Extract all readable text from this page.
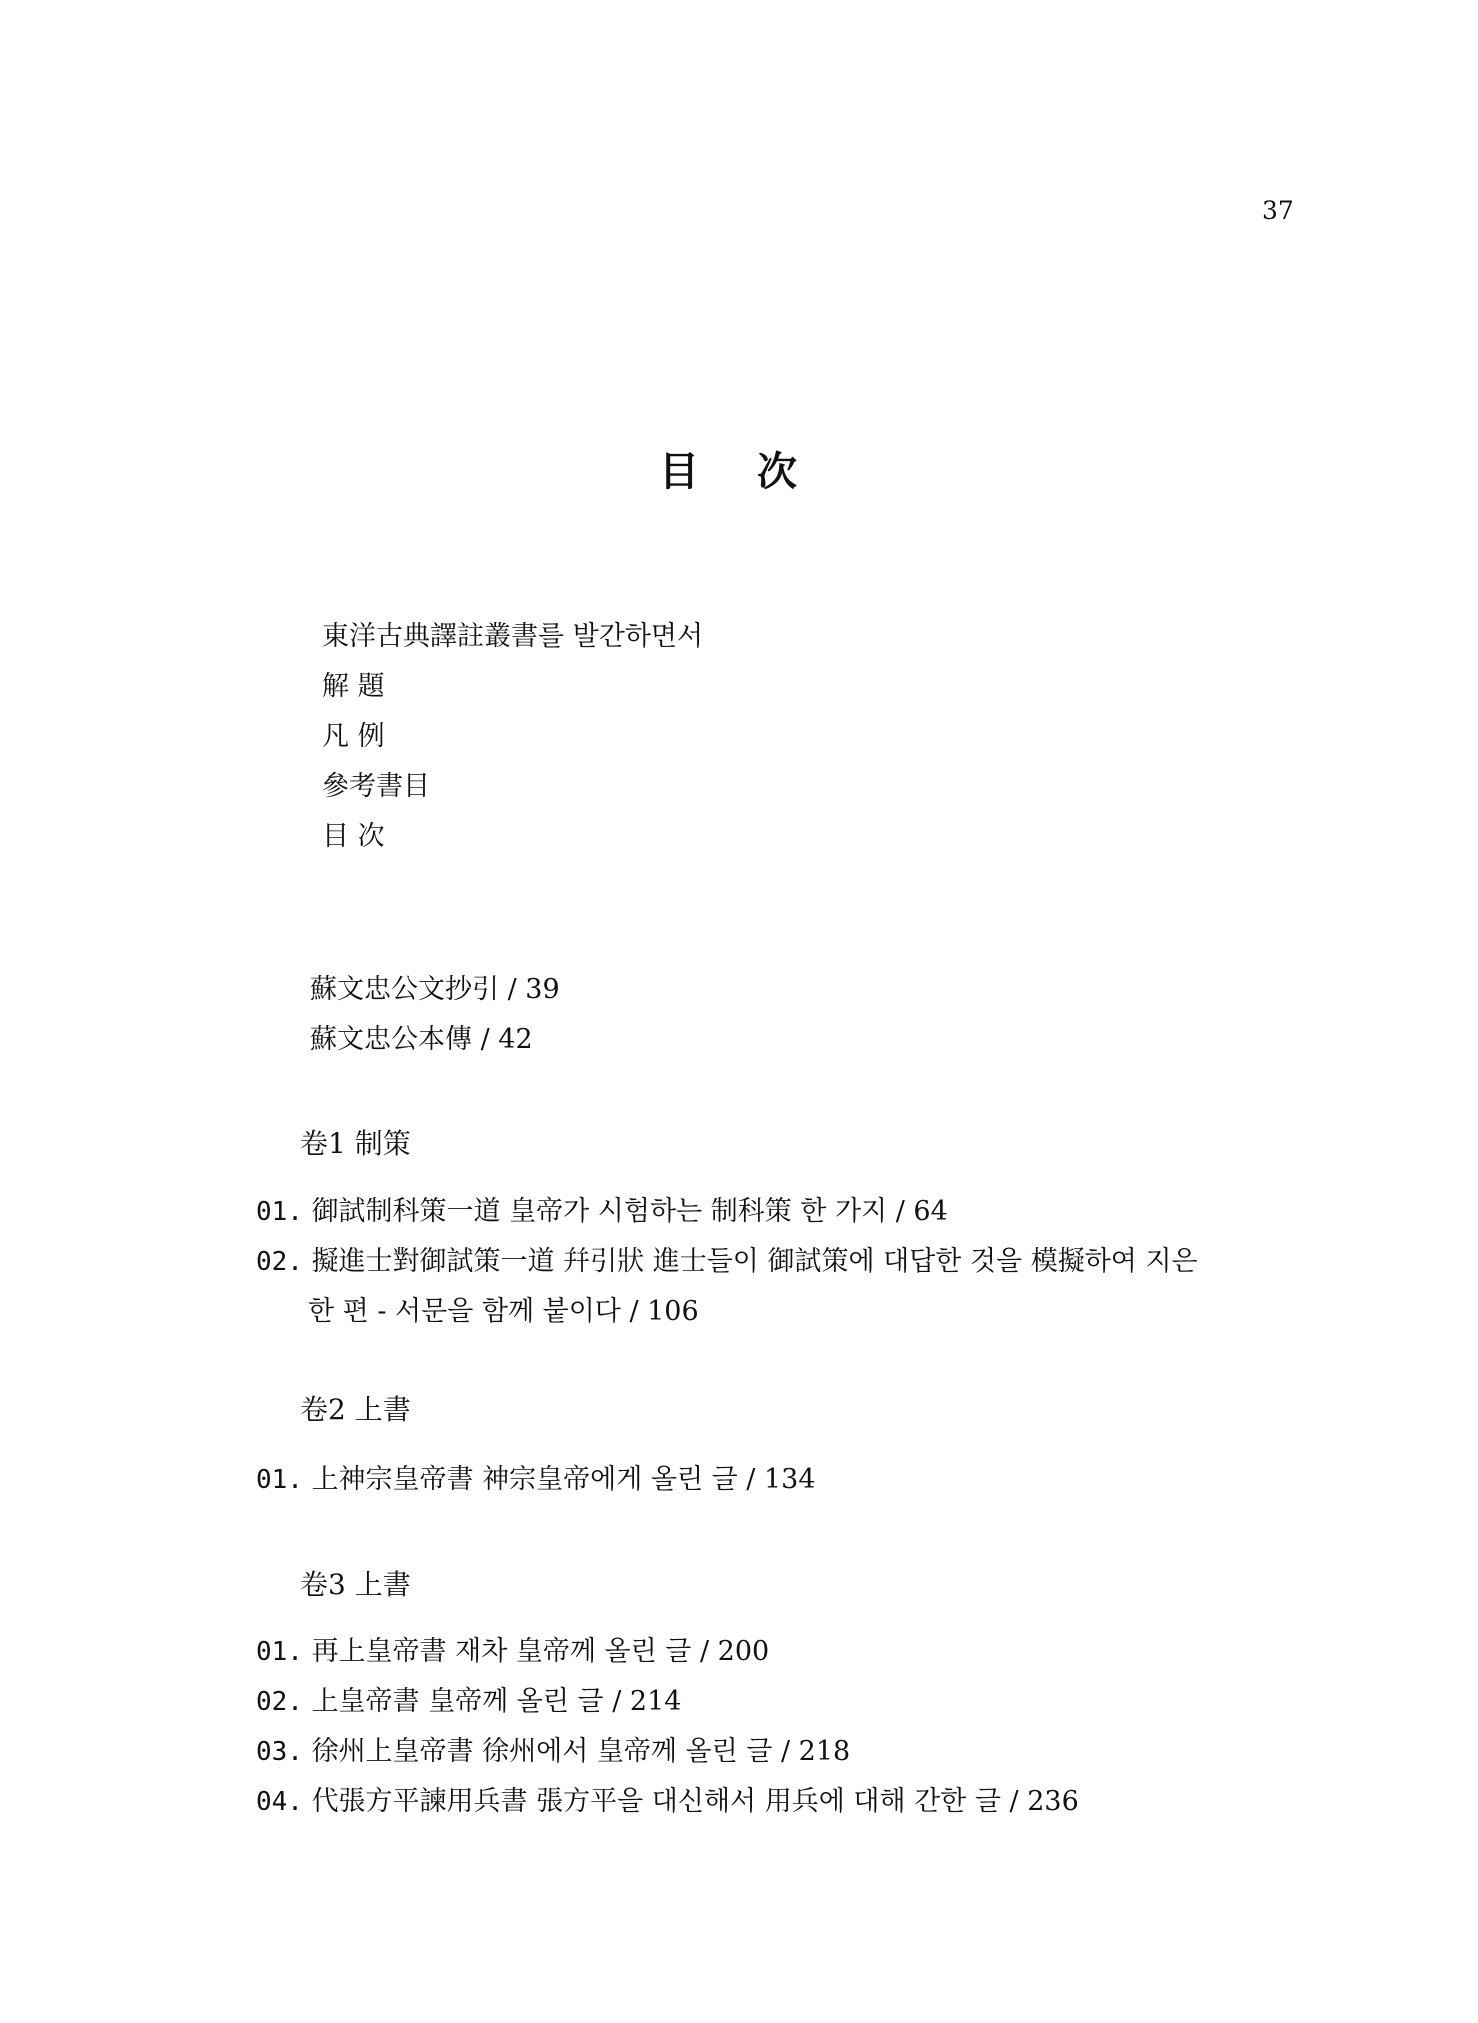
37
目 次
東洋古典譯註叢書를 발간하면서
解 題
凡 例
參考書目
目 次
蘇文忠公文抄引 / 39
蘇文忠公本傳 / 42
卷1 制策
01. 御試制科策一道 皇帝가 시험하는 制科策 한 가지 / 64
02. 擬進士對御試策一道 幷引狀 進士들이 御試策에 대답한 것을 模擬하여 지은
한 편 - 서문을 함께 붙이다 / 106
卷2 上書
01. 上神宗皇帝書 神宗皇帝에게 올린 글 / 134
卷3 上書
01. 再上皇帝書 재차 皇帝께 올린 글 / 200
02. 上皇帝書 皇帝께 올린 글 / 214
03. 徐州上皇帝書 徐州에서 皇帝께 올린 글 / 218
04. 代張方平諫用兵書 張方平을 대신해서 用兵에 대해 간한 글 / 236
